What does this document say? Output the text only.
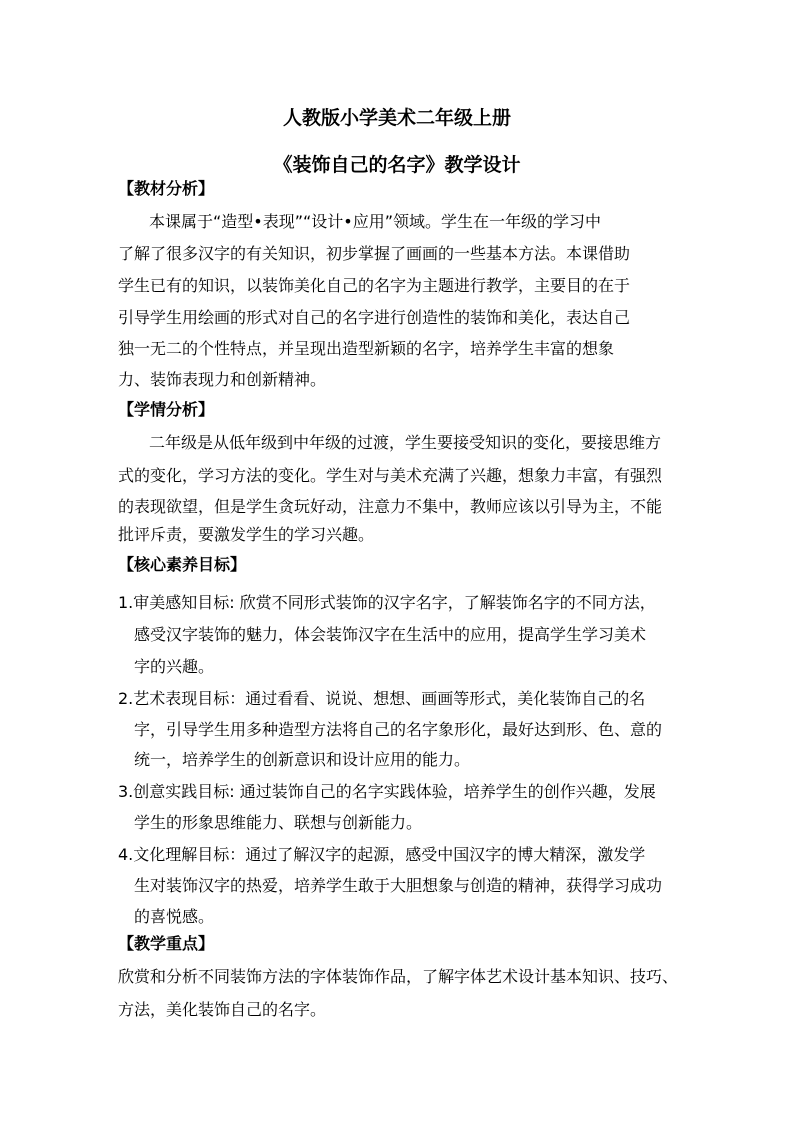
人教版小学美术二年级上册
《装饰自己的名字》教学设计
【教材分析】
本课属于“造型•表现”“设计•应用”领域。学生在一年级的学习中
了解了很多汉字的有关知识，初步掌握了画画的一些基本方法。本课借助
学生已有的知识，以装饰美化自己的名字为主题进行教学，主要目的在于
引导学生用绘画的形式对自己的名字进行创造性的装饰和美化，表达自己
独一无二的个性特点，并呈现出造型新颖的名字，培养学生丰富的想象
力、装饰表现力和创新精神。
【学情分析】
二年级是从低年级到中年级的过渡，学生要接受知识的变化，要接思维方
式的变化，学习方法的变化。学生对与美术充满了兴趣，想象力丰富，有强烈
的表现欲望，但是学生贪玩好动，注意力不集中，教师应该以引导为主，不能
批评斥责，要激发学生的学习兴趣。
【核心素养目标】
1.审美感知目标: 欣赏不同形式装饰的汉字名字，了解装饰名字的不同方法，
感受汉字装饰的魅力，体会装饰汉字在生活中的应用，提高学生学习美术
字的兴趣。
2.艺术表现目标：通过看看、说说、想想、画画等形式，美化装饰自己的名
字，引导学生用多种造型方法将自己的名字象形化，最好达到形、色、意的
统一，培养学生的创新意识和设计应用的能力。
3.创意实践目标: 通过装饰自己的名字实践体验，培养学生的创作兴趣，发展
学生的形象思维能力、联想与创新能力。
4.文化理解目标：通过了解汉字的起源，感受中国汉字的博大精深，激发学
生对装饰汉字的热爱，培养学生敢于大胆想象与创造的精神，获得学习成功
的喜悦感。
【教学重点】
欣赏和分析不同装饰方法的字体装饰作品，了解字体艺术设计基本知识、技巧、
方法，美化装饰自己的名字。
